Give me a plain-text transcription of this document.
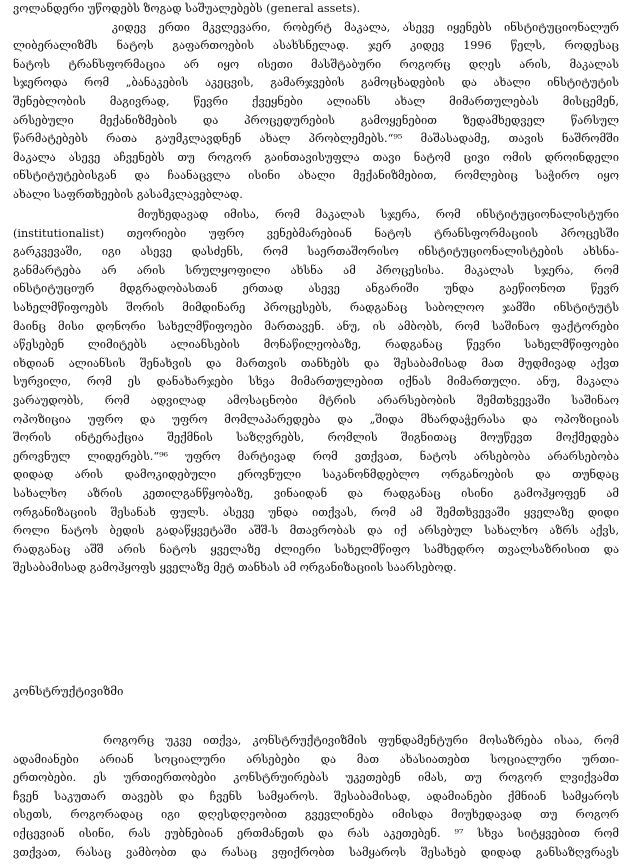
ვოლანდერი უწოდებს ზოგად საშუალებებს (general assets).
კიდევ ერთი მკვლევარი, რობერტ მაკალა, ასევე იყენებს ინსტიტუციონალურ
ლიბერალიზმს ნატოს გაფართოების ასახსნელად. ჯერ კიდევ 1996 წელს, როდესაც
ნატოს ტრანსფორმაცია არ იყო ისეთი მასშტაბური როგორც დღეს არის, მაკალას
სჯეროდა რომ „ბანაკების აკეცვის, გამარჯვების გამოცხადების და ახალი ინსტიტუტის
შენებლობის მაგივრად, წევრი ქვეყნები ალიანს ახალ მიმართულებას მისცემენ,
არსებული მექანიზმების და პროცედურების გამოყენებით ზედამხედველ წარსულ
წარმატებებს რათა გაუმკლავდნენ ახალ პრობლემებს.“⁹⁵ მაშასადამე, თავის ნაშრომში
მაკალა ასევე აჩვენებს თუ როგორ გაინთავისუფლა თავი ნატომ ცივი ომის დროინდელი
ინსტიტუტებისგან და ჩაანაცვლა ისინი ახალი მექანიზმებით, რომლებიც საჭირო იყო
ახალი საფრთხეების გასამკლავებლად.
მიუხედავად იმისა, რომ მაკალას სჯერა, რომ ინსტიტუციონალისტური
(institutionalist) თეორიები უფრო ვენებმარებიან ნატოს ტრანსფორმაციის პროცესში
გარკვევაში, იგი ასევე დასძენს, რომ საერთაშორისო ინსტიტუციონალისტების ახსნა-
განმარტება არ არის სრულყოფილი ახსნა ამ პროცესისა. მაკალას სჯერა, რომ
ინსტიტუციურ მდგრადობასთან ერთად ასევე ანგარიში უნდა გაეწიონოთ წევრ
სახელმწიფოებს შორის მიმდინარე პროცესებს, რადგანაც საბოლოო ჯამში ინსტიტუტს
მაინც მისი დონორი სახელმწიფოები მართავენ. ანუ, ის ამბობს, რომ საშინაო ფაქტორები
აწესებენ ლიმიტებს ალიანსების მონაწილეობაზე, რადგანაც წევრი სახელმწიფოები
იხდიან ალიანსის შენახვის და მართვის თანხებს და შესაბამისად მათ მუდმივად აქვთ
სურვილი, რომ ეს დანახარჯები სხვა მიმართულებით იქნას მიმართული. ანუ, მაკალა
ვარაუდობს, რომ ადვილად ამოსაცნობი მტრის არარსებობის შემთხვევაში საშინაო
ოპოზიცია უფრო და უფრო მომლაპარედება და „შიდა მხარდაჭერასა და ოპოზიციას
შორის ინტერაქცია შექმნის საზღვრებს, რომლის შიგნითაც მოუწევთ მოქმედება
ეროვნულ ლიდერებს.“⁹⁶ უფრო მარტივად რომ ვთქვათ, ნატოს არსებობა არარსებობა
დიდად არის დამოკიდებული ეროვნული საკანონმდებლო ორგანოების და თუნდაც
სახალხო აზრის კეთილგანწყობაზე, ვინაიდან და რადგანაც ისინი გამოჰყოფენ ამ
ორგანიზაციის შესანახ ფულს. ასევე უნდა ითქვას, რომ ამ შემთხვევაში ყველაზე დიდი
როლი ნატოს ბედის გადაწყვეტაში აშშ-ს მთავრობას და იქ არსებულ სახალხო აზრს აქვს,
რადგანაც აშშ არის ნატოს ყველაზე ძლიერი სახელმწიფო სამხედრო თვალსაზრისით და
შესაბამისად გამოჰყოფს ყველაზე მეტ თანხას ამ ორგანიზაციის საარსებოდ.
კონსტრუქტივიზმი
როგორც უკვე ითქვა, კონსტრუქტივიზმის ფუნდამენტური მოსაზრება ისაა, რომ
ადამიანები არიან სოციალური არსებები და მათ ახასიათებთ სოციალური ურთი-
ერთობები. ეს ურთიერთობები კონსტრუირებას უკეთებენ იმას, თუ როგორ ლვიქვამთ
ჩვენ საკუთარ თავებს და ჩვენს სამყაროს. შესაბამისად, ადამიანები ქმნიან სამყაროს
ისეთს, როგორადაც იგი დღესდღეობით გვევლინება იმისდა მიუხედავად თუ როგორ
იქცევიან ისინი, რას ეუბნებიან ერთმანეთს და რას აკეთებენ. ⁹⁷ სხვა სიტყვებით რომ
ვთქვათ, რასაც ვამბობთ და რასაც ვფიქრობთ სამყაროს შესახებ დიდად განსაზღვრავს
